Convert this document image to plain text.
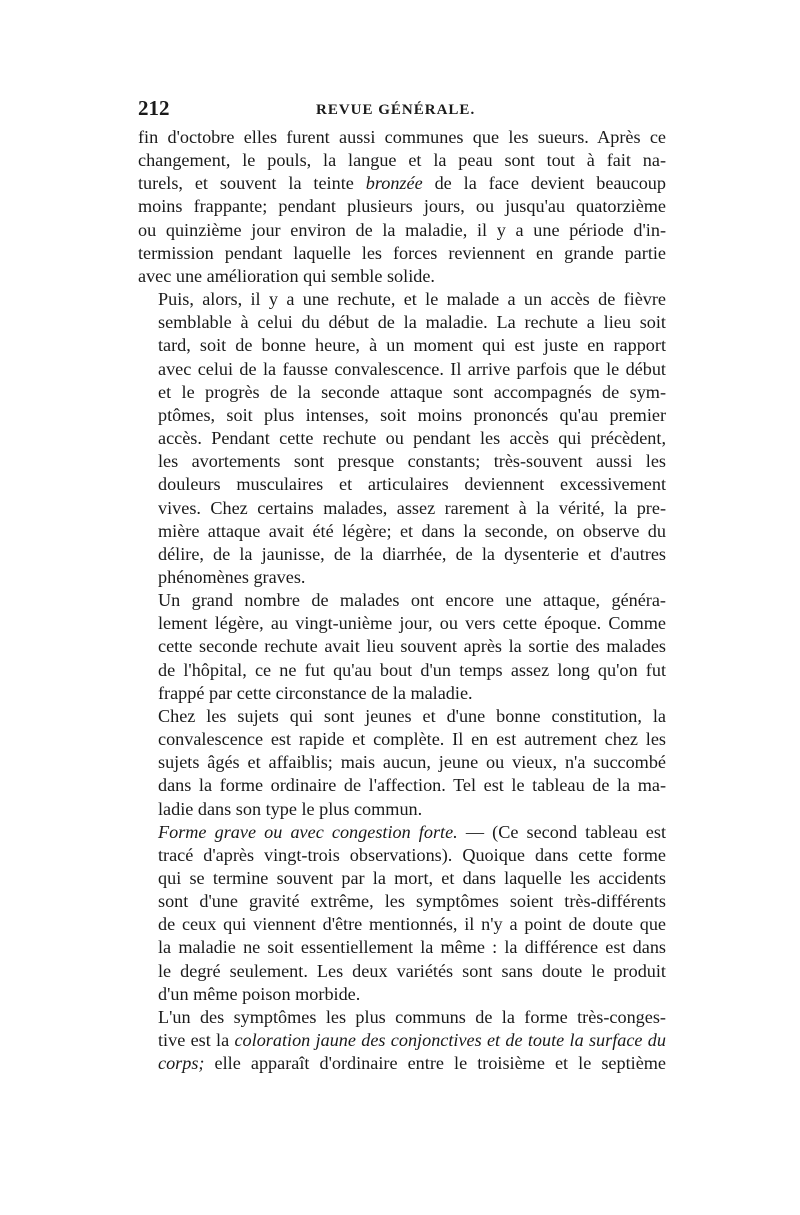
212	REVUE GÉNÉRALE.

fin d'octobre elles furent aussi communes que les sueurs. Après ce
changement, le pouls, la langue et la peau sont tout à fait na-
turels, et souvent la teinte bronzée de la face devient beaucoup
moins frappante; pendant plusieurs jours, ou jusqu'au quatorzième
ou quinzième jour environ de la maladie, il y a une période d'in-
termission pendant laquelle les forces reviennent en grande partie
avec une amélioration qui semble solide.

Puis, alors, il y a une rechute, et le malade a un accès de fièvre
semblable à celui du début de la maladie. La rechute a lieu soit
tard, soit de bonne heure, à un moment qui est juste en rapport
avec celui de la fausse convalescence. Il arrive parfois que le début
et le progrès de la seconde attaque sont accompagnés de sym-
ptômes, soit plus intenses, soit moins prononcés qu'au premier
accès. Pendant cette rechute ou pendant les accès qui précèdent,
les avortements sont presque constants; très-souvent aussi les
douleurs musculaires et articulaires deviennent excessivement
vives. Chez certains malades, assez rarement à la vérité, la pre-
mière attaque avait été légère; et dans la seconde, on observe du
délire, de la jaunisse, de la diarrhée, de la dysenterie et d'autres
phénomènes graves.

Un grand nombre de malades ont encore une attaque, généra-
lement légère, au vingt-unième jour, ou vers cette époque. Comme
cette seconde rechute avait lieu souvent après la sortie des malades
de l'hôpital, ce ne fut qu'au bout d'un temps assez long qu'on fut
frappé par cette circonstance de la maladie.

Chez les sujets qui sont jeunes et d'une bonne constitution, la
convalescence est rapide et complète. Il en est autrement chez les
sujets âgés et affaiblis; mais aucun, jeune ou vieux, n'a succombé
dans la forme ordinaire de l'affection. Tel est le tableau de la ma-
ladie dans son type le plus commun.

Forme grave ou avec congestion forte. — (Ce second tableau est
tracé d'après vingt-trois observations). Quoique dans cette forme
qui se termine souvent par la mort, et dans laquelle les accidents
sont d'une gravité extrême, les symptômes soient très-différents
de ceux qui viennent d'être mentionnés, il n'y a point de doute que
la maladie ne soit essentiellement la même : la différence est dans
le degré seulement. Les deux variétés sont sans doute le produit
d'un même poison morbide.

L'un des symptômes les plus communs de la forme très-conges-
tive est la coloration jaune des conjonctives et de toute la surface du
corps; elle apparaît d'ordinaire entre le troisième et le septième
